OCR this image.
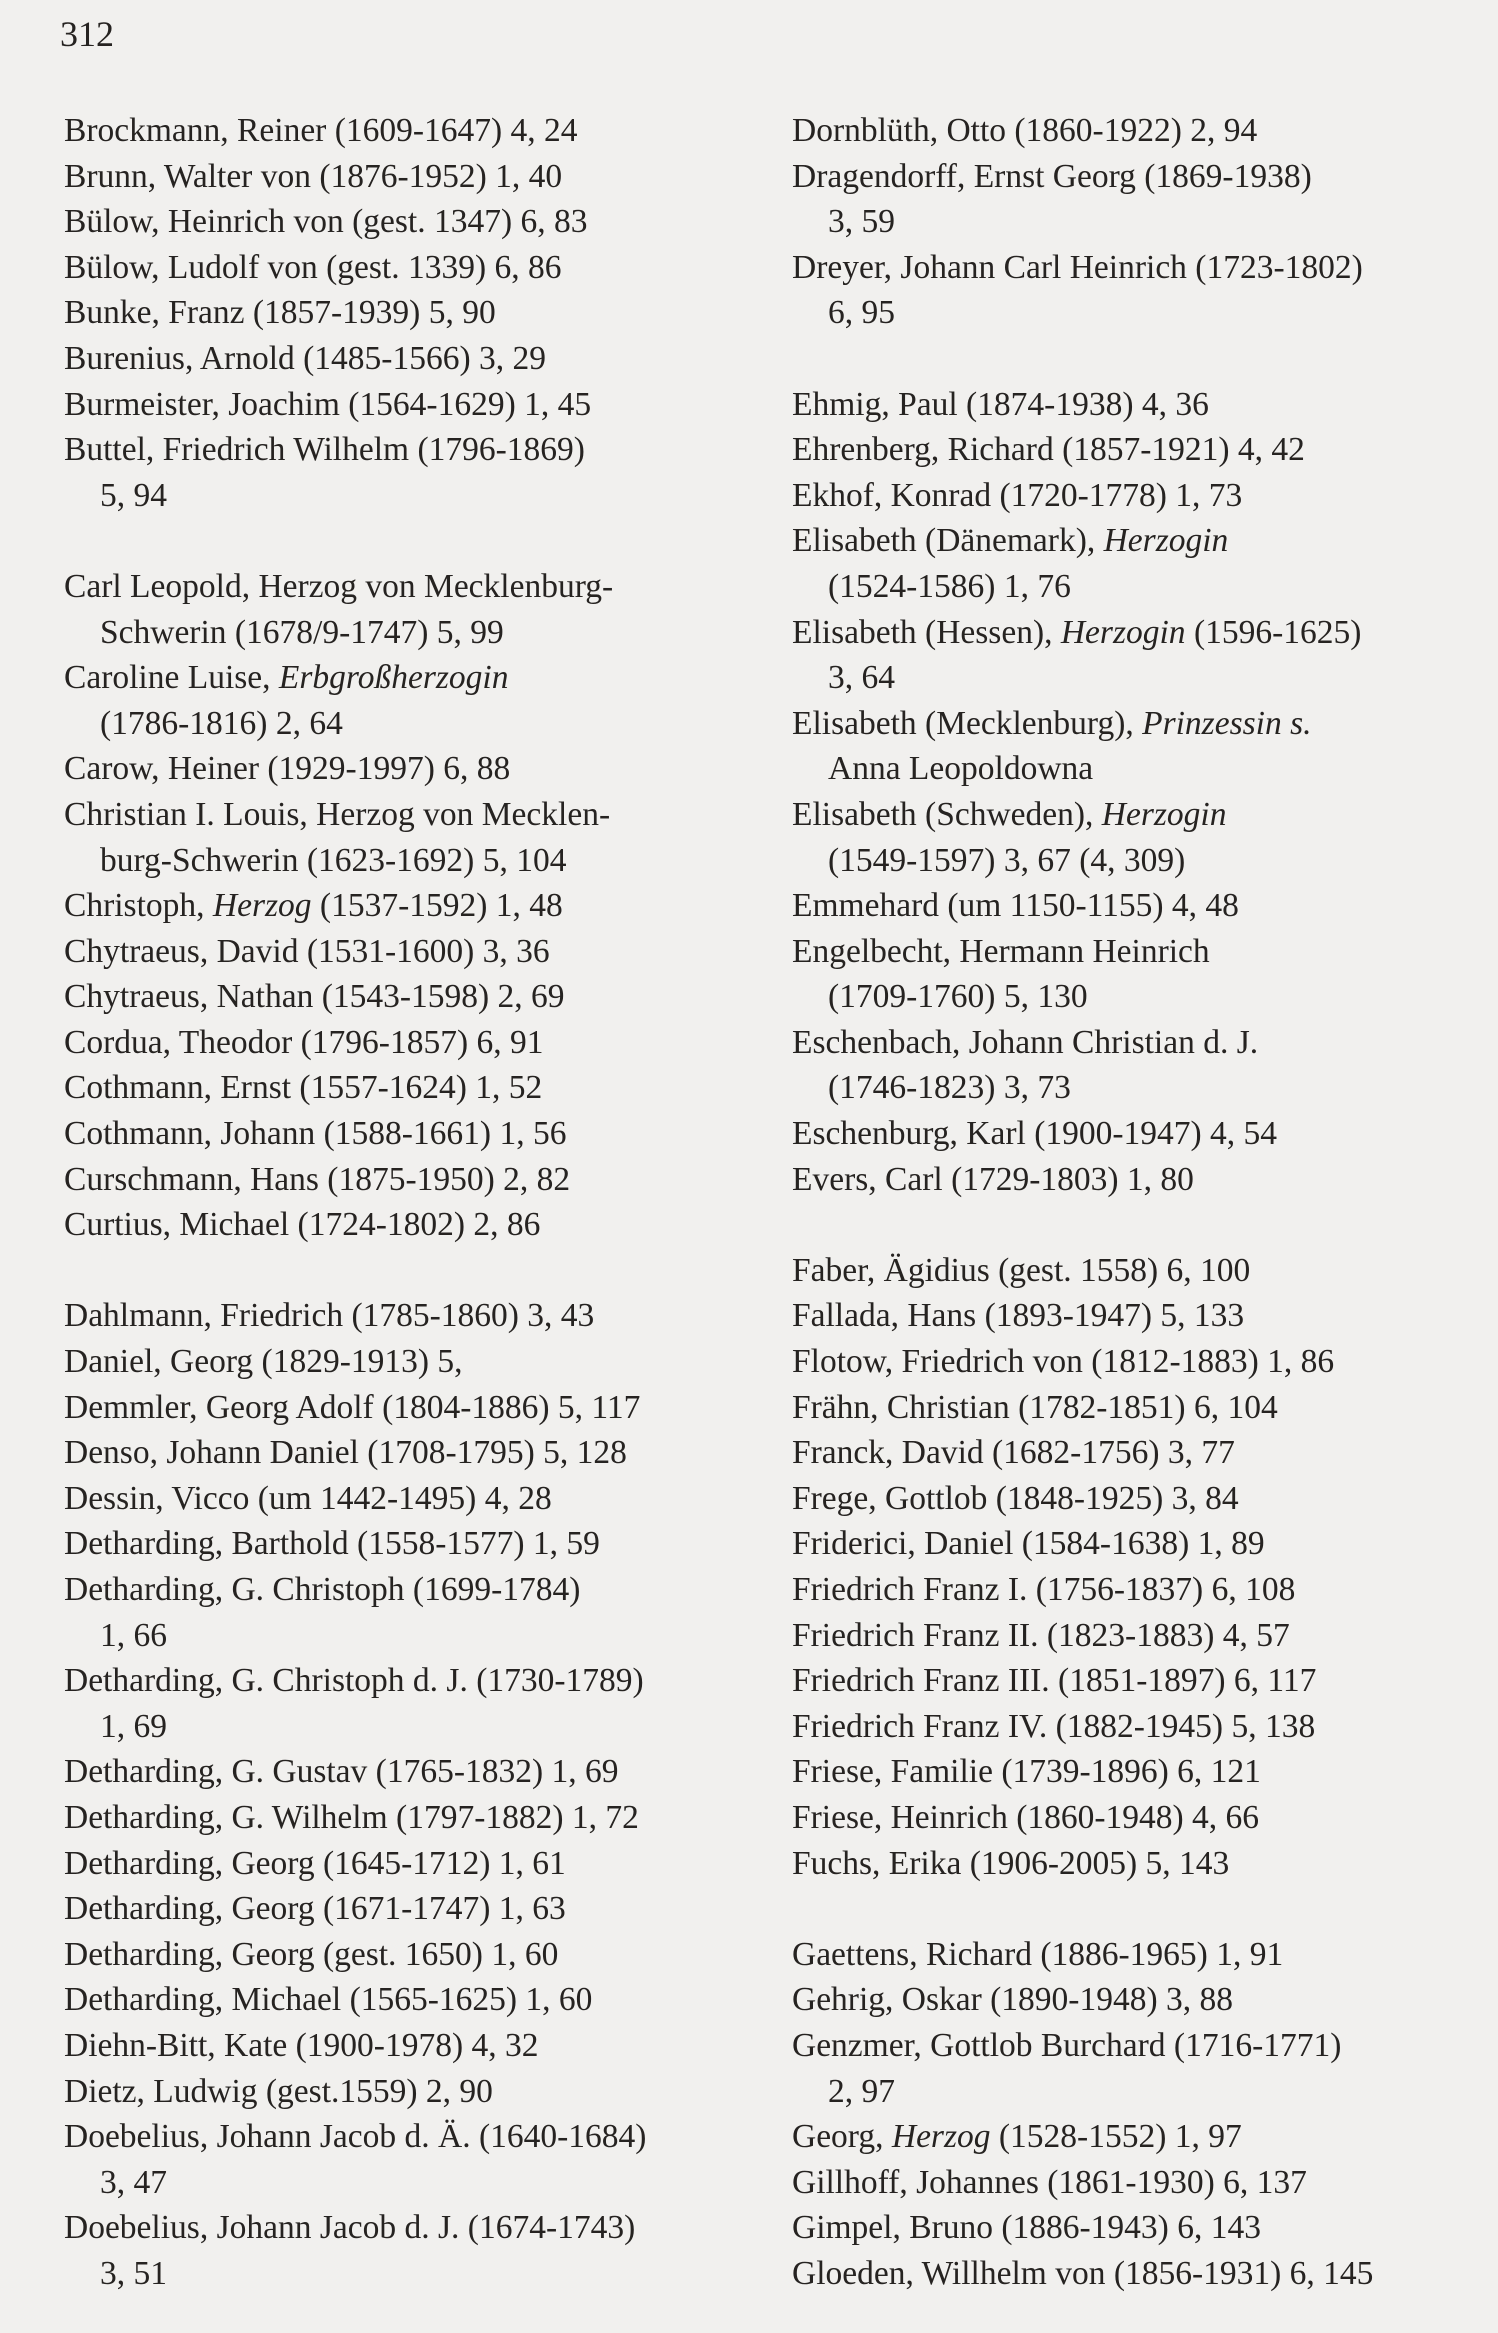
312
Brockmann, Reiner (1609-1647) 4, 24
Brunn, Walter von (1876-1952) 1, 40
Bülow, Heinrich von (gest. 1347) 6, 83
Bülow, Ludolf von (gest. 1339) 6, 86
Bunke, Franz (1857-1939) 5, 90
Burenius, Arnold (1485-1566) 3, 29
Burmeister, Joachim (1564-1629) 1, 45
Buttel, Friedrich Wilhelm (1796-1869)
5, 94
Carl Leopold, Herzog von Mecklenburg-
Schwerin (1678/9-1747) 5, 99
Caroline Luise, Erbgroßherzogin
(1786-1816) 2, 64
Carow, Heiner (1929-1997) 6, 88
Christian I. Louis, Herzog von Mecklen-
burg-Schwerin (1623-1692) 5, 104
Christoph, Herzog (1537-1592) 1, 48
Chytraeus, David (1531-1600) 3, 36
Chytraeus, Nathan (1543-1598) 2, 69
Cordua, Theodor (1796-1857) 6, 91
Cothmann, Ernst (1557-1624) 1, 52
Cothmann, Johann (1588-1661) 1, 56
Curschmann, Hans (1875-1950) 2, 82
Curtius, Michael (1724-1802) 2, 86
Dahlmann, Friedrich (1785-1860) 3, 43
Daniel, Georg (1829-1913) 5,
Demmler, Georg Adolf (1804-1886) 5, 117
Denso, Johann Daniel (1708-1795) 5, 128
Dessin, Vicco (um 1442-1495) 4, 28
Detharding, Barthold (1558-1577) 1, 59
Detharding, G. Christoph (1699-1784)
1, 66
Detharding, G. Christoph d. J. (1730-1789)
1, 69
Detharding, G. Gustav (1765-1832) 1, 69
Detharding, G. Wilhelm (1797-1882) 1, 72
Detharding, Georg (1645-1712) 1, 61
Detharding, Georg (1671-1747) 1, 63
Detharding, Georg (gest. 1650) 1, 60
Detharding, Michael (1565-1625) 1, 60
Diehn-Bitt, Kate (1900-1978) 4, 32
Dietz, Ludwig (gest.1559) 2, 90
Doebelius, Johann Jacob d. Ä. (1640-1684)
3, 47
Doebelius, Johann Jacob d. J. (1674-1743)
3, 51
Dornblüth, Otto (1860-1922) 2, 94
Dragendorff, Ernst Georg (1869-1938)
3, 59
Dreyer, Johann Carl Heinrich (1723-1802)
6, 95
Ehmig, Paul (1874-1938) 4, 36
Ehrenberg, Richard (1857-1921) 4, 42
Ekhof, Konrad (1720-1778) 1, 73
Elisabeth (Dänemark), Herzogin
(1524-1586) 1, 76
Elisabeth (Hessen), Herzogin (1596-1625)
3, 64
Elisabeth (Mecklenburg), Prinzessin s.
Anna Leopoldowna
Elisabeth (Schweden), Herzogin
(1549-1597) 3, 67 (4, 309)
Emmehard (um 1150-1155) 4, 48
Engelbecht, Hermann Heinrich
(1709-1760) 5, 130
Eschenbach, Johann Christian d. J.
(1746-1823) 3, 73
Eschenburg, Karl (1900-1947) 4, 54
Evers, Carl (1729-1803) 1, 80
Faber, Ägidius (gest. 1558) 6, 100
Fallada, Hans (1893-1947) 5, 133
Flotow, Friedrich von (1812-1883) 1, 86
Frähn, Christian (1782-1851) 6, 104
Franck, David (1682-1756) 3, 77
Frege, Gottlob (1848-1925) 3, 84
Friderici, Daniel (1584-1638) 1, 89
Friedrich Franz I. (1756-1837) 6, 108
Friedrich Franz II. (1823-1883) 4, 57
Friedrich Franz III. (1851-1897) 6, 117
Friedrich Franz IV. (1882-1945) 5, 138
Friese, Familie (1739-1896) 6, 121
Friese, Heinrich (1860-1948) 4, 66
Fuchs, Erika (1906-2005) 5, 143
Gaettens, Richard (1886-1965) 1, 91
Gehrig, Oskar (1890-1948) 3, 88
Genzmer, Gottlob Burchard (1716-1771)
2, 97
Georg, Herzog (1528-1552) 1, 97
Gillhoff, Johannes (1861-1930) 6, 137
Gimpel, Bruno (1886-1943) 6, 143
Gloeden, Willhelm von (1856-1931) 6, 145
